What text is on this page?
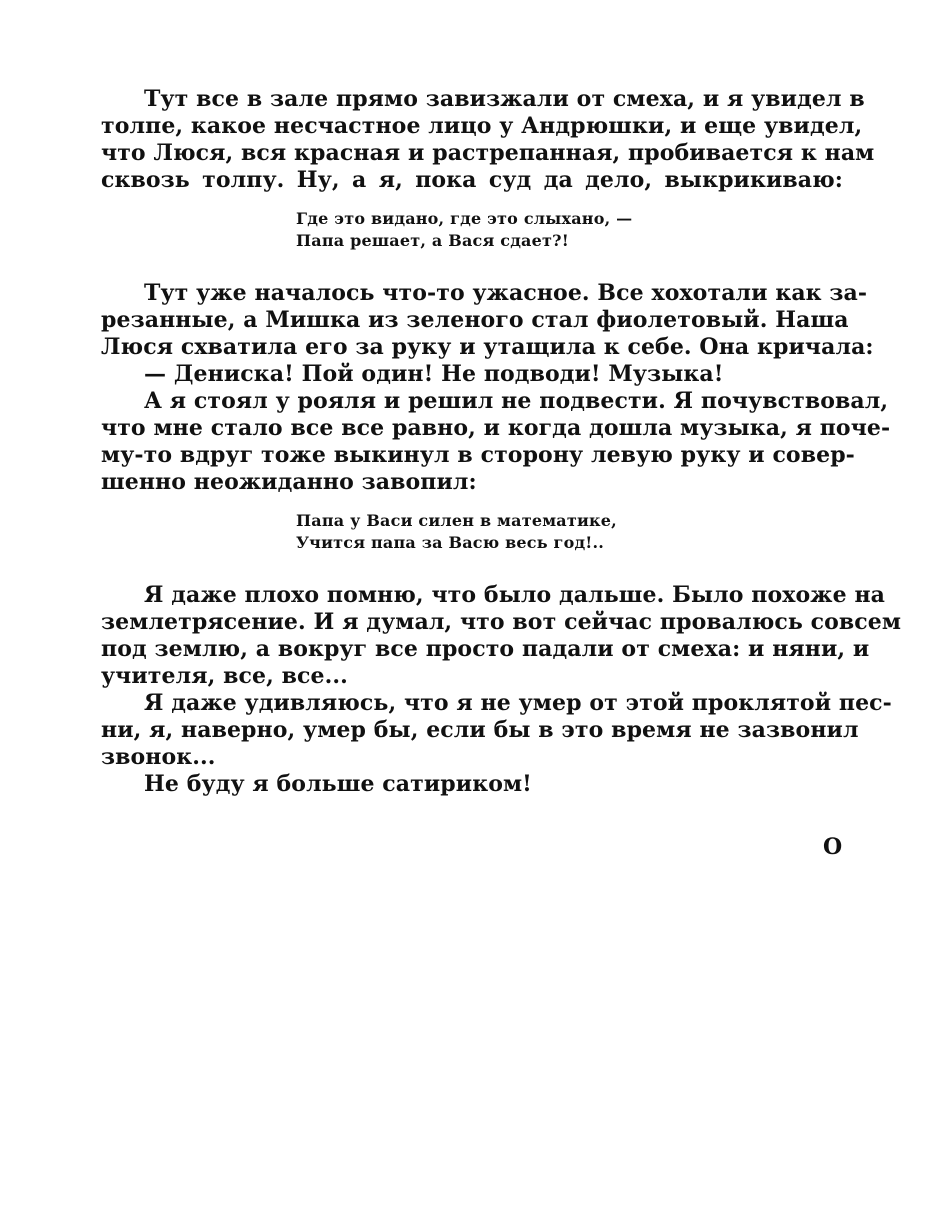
Тут все в зале прямо завизжали от смеха, и я увидел в
толпе, какое несчастное лицо у Андрюшки, и еще увидел,
что Люся, вся красная и растрепанная, пробивается к нам
сквозь толпу. Ну, а я, пока суд да дело, выкрикиваю:
Где это видано, где это слыхано, —
Папа решает, а Вася сдает?!
Тут уже началось что-то ужасное. Все хохотали как за-
резанные, а Мишка из зеленого стал фиолетовый. Наша
Люся схватила его за руку и утащила к себе. Она кричала:
— Дениска! Пой один! Не подводи! Музыка!
А я стоял у рояля и решил не подвести. Я почувствовал,
что мне стало все все равно, и когда дошла музыка, я поче-
му-то вдруг тоже выкинул в сторону левую руку и совер-
шенно неожиданно завопил:
Папа у Васи силен в математике,
Учится папа за Васю весь год!..
Я даже плохо помню, что было дальше. Было похоже на
землетрясение. И я думал, что вот сейчас провалюсь совсем
под землю, а вокруг все просто падали от смеха: и няни, и
учителя, все, все...
Я даже удивляюсь, что я не умер от этой проклятой пес-
ни, я, наверно, умер бы, если бы в это время не зазвонил
звонок...
Не буду я больше сатириком!
O
